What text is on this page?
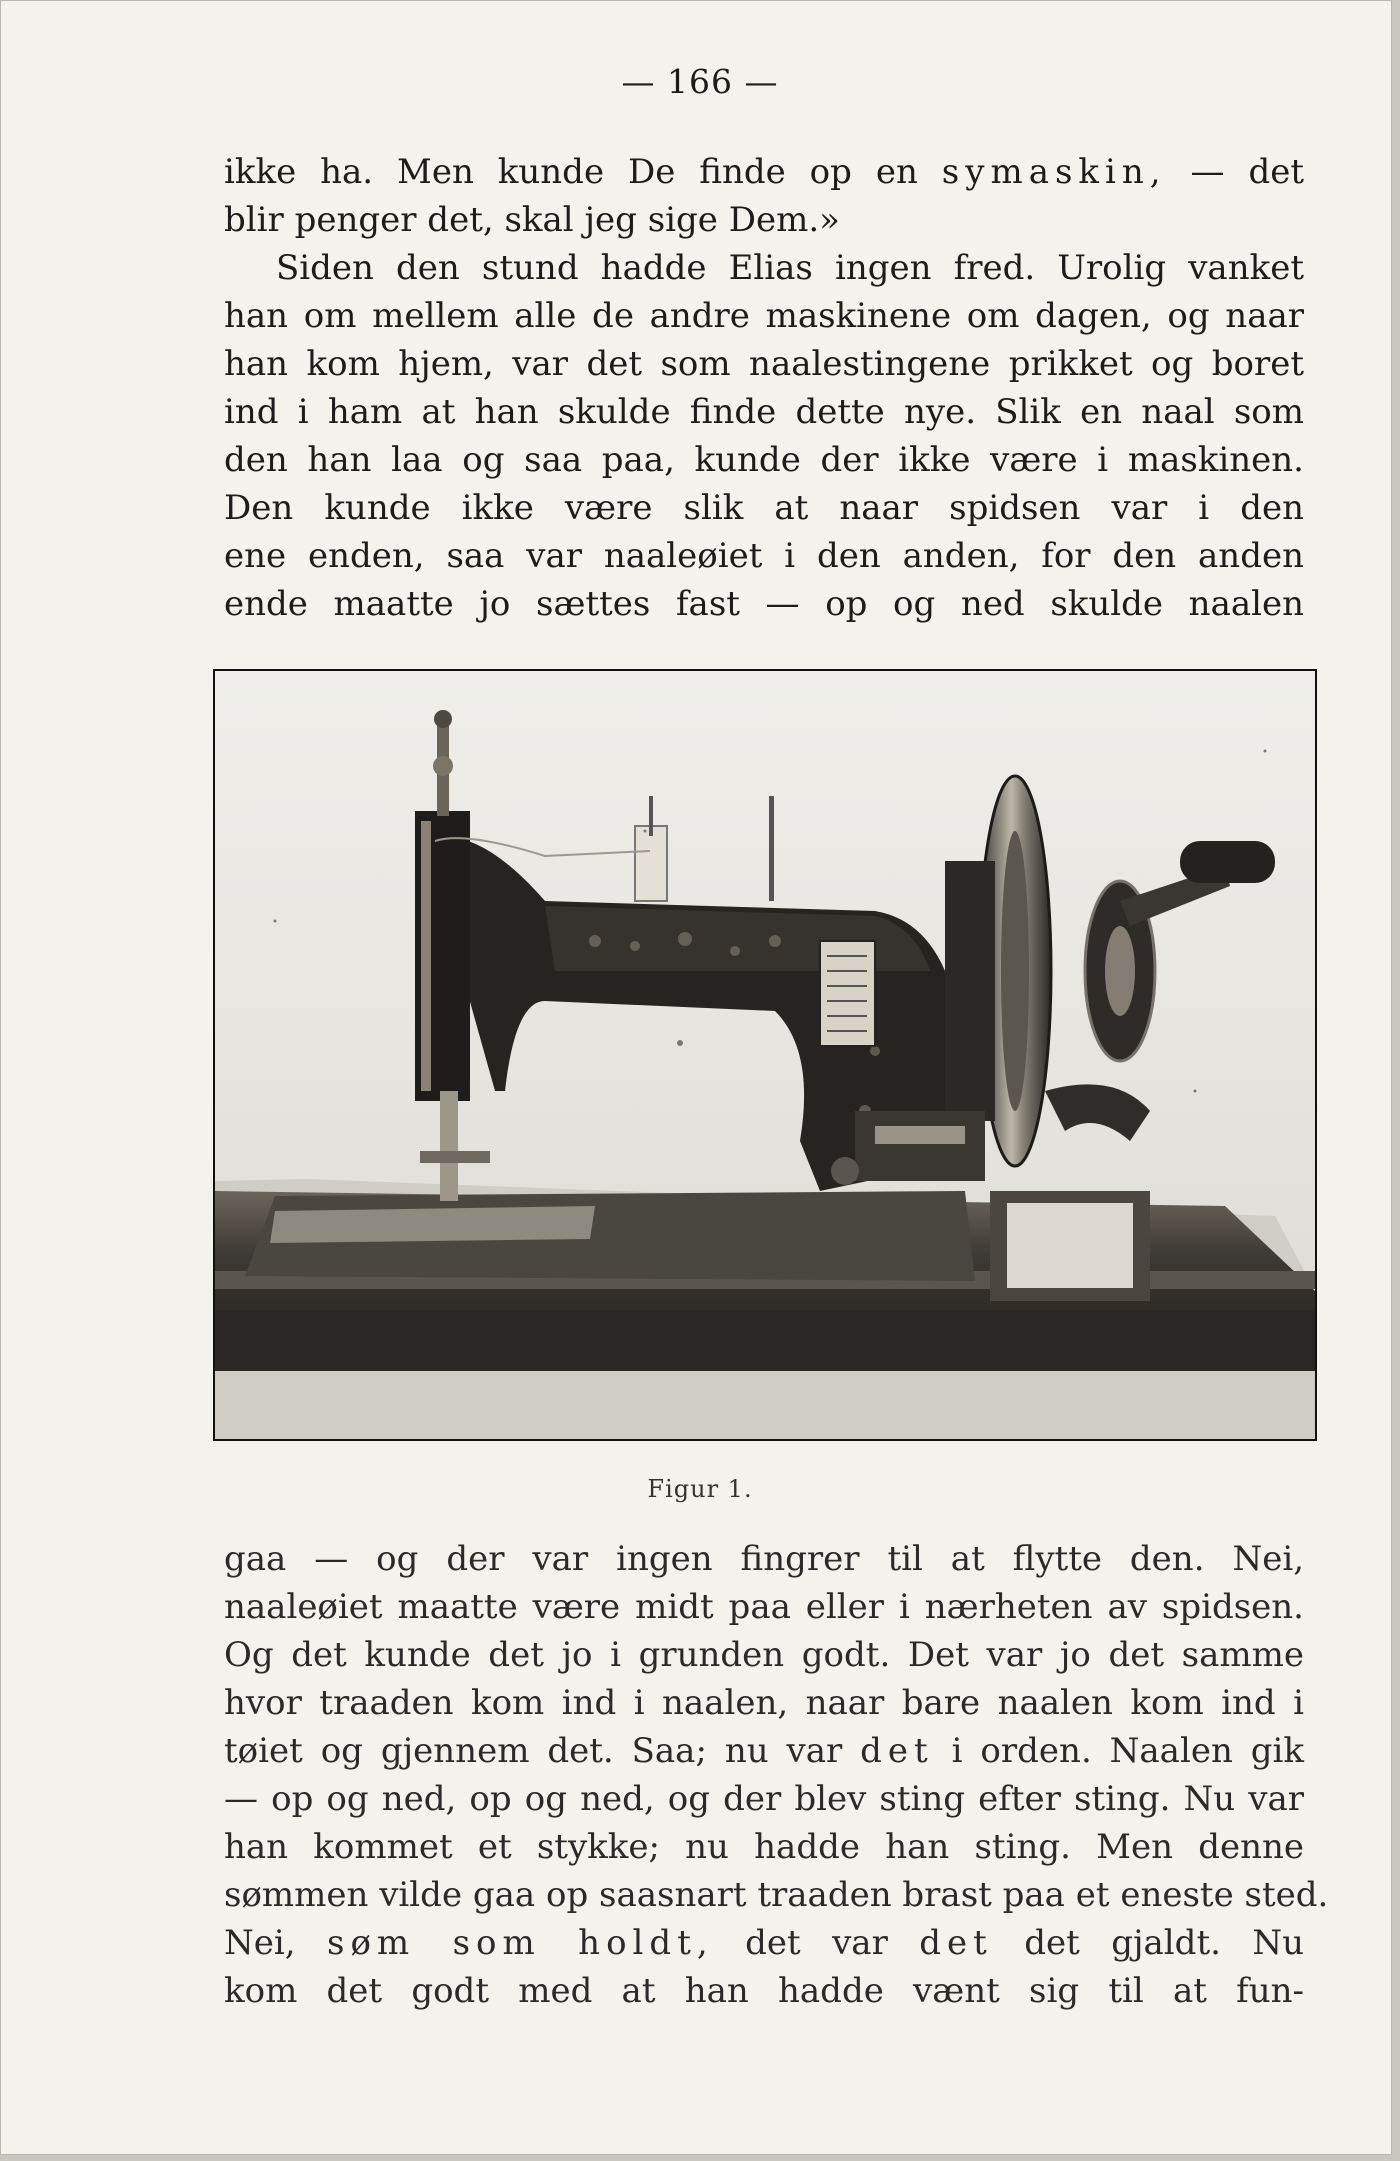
— 166 —

ikke ha. Men kunde De finde op en symaskin, — det
blir penger det, skal jeg sige Dem.»

Siden den stund hadde Elias ingen fred. Urolig vanket
han om mellem alle de andre maskinene om dagen, og naar
han kom hjem, var det som naalestingene prikket og boret
ind i ham at han skulde finde dette nye. Slik en naal som
den han laa og saa paa, kunde der ikke være i maskinen.
Den kunde ikke være slik at naar spidsen var i den
ene enden, saa var naaleøiet i den anden, for den anden
ende maatte jo sættes fast — op og ned skulde naalen

Figur 1.

gaa — og der var ingen fingrer til at flytte den. Nei,
naaleøiet maatte være midt paa eller i nærheten av spidsen.
Og det kunde det jo i grunden godt. Det var jo det samme
hvor traaden kom ind i naalen, naar bare naalen kom ind i
tøiet og gjennem det. Saa; nu var det i orden. Naalen gik
— op og ned, op og ned, og der blev sting efter sting. Nu var
han kommet et stykke; nu hadde han sting. Men denne
sømmen vilde gaa op saasnart traaden brast paa et eneste sted.
Nei, søm som holdt, det var det det gjaldt. Nu
kom det godt med at han hadde vænt sig til at fun-
